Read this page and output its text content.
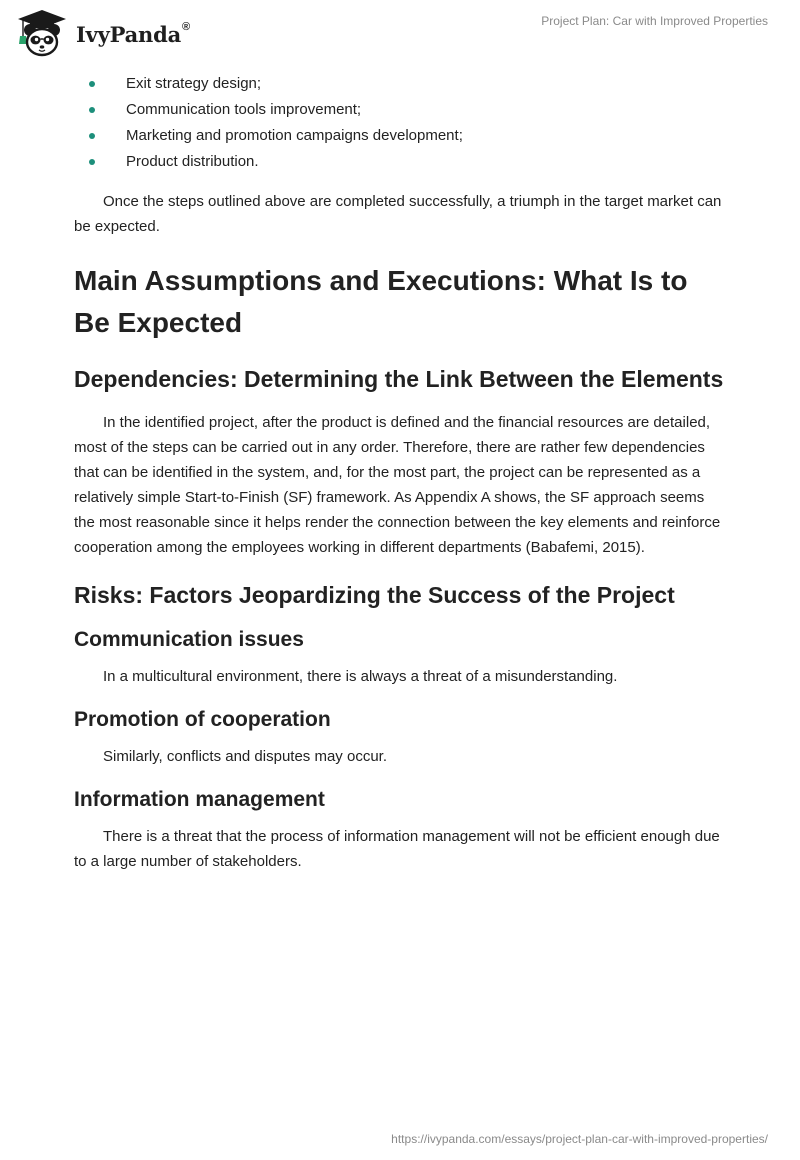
IvyPanda®	Project Plan: Car with Improved Properties
Exit strategy design;
Communication tools improvement;
Marketing and promotion campaigns development;
Product distribution.

Once the steps outlined above are completed successfully, a triumph in the target market can be expected.

Main Assumptions and Executions: What Is to Be Expected
Dependencies: Determining the Link Between the Elements

In the identified project, after the product is defined and the financial resources are detailed, most of the steps can be carried out in any order. Therefore, there are rather few dependencies that can be identified in the system, and, for the most part, the project can be represented as a relatively simple Start-to-Finish (SF) framework. As Appendix A shows, the SF approach seems the most reasonable since it helps render the connection between the key elements and reinforce cooperation among the employees working in different departments (Babafemi, 2015).

Risks: Factors Jeopardizing the Success of the Project
Communication issues

In a multicultural environment, there is always a threat of a misunderstanding.

Promotion of cooperation

Similarly, conflicts and disputes may occur.

Information management

There is a threat that the process of information management will not be efficient enough due to a large number of stakeholders.

https://ivypanda.com/essays/project-plan-car-with-improved-properties/
